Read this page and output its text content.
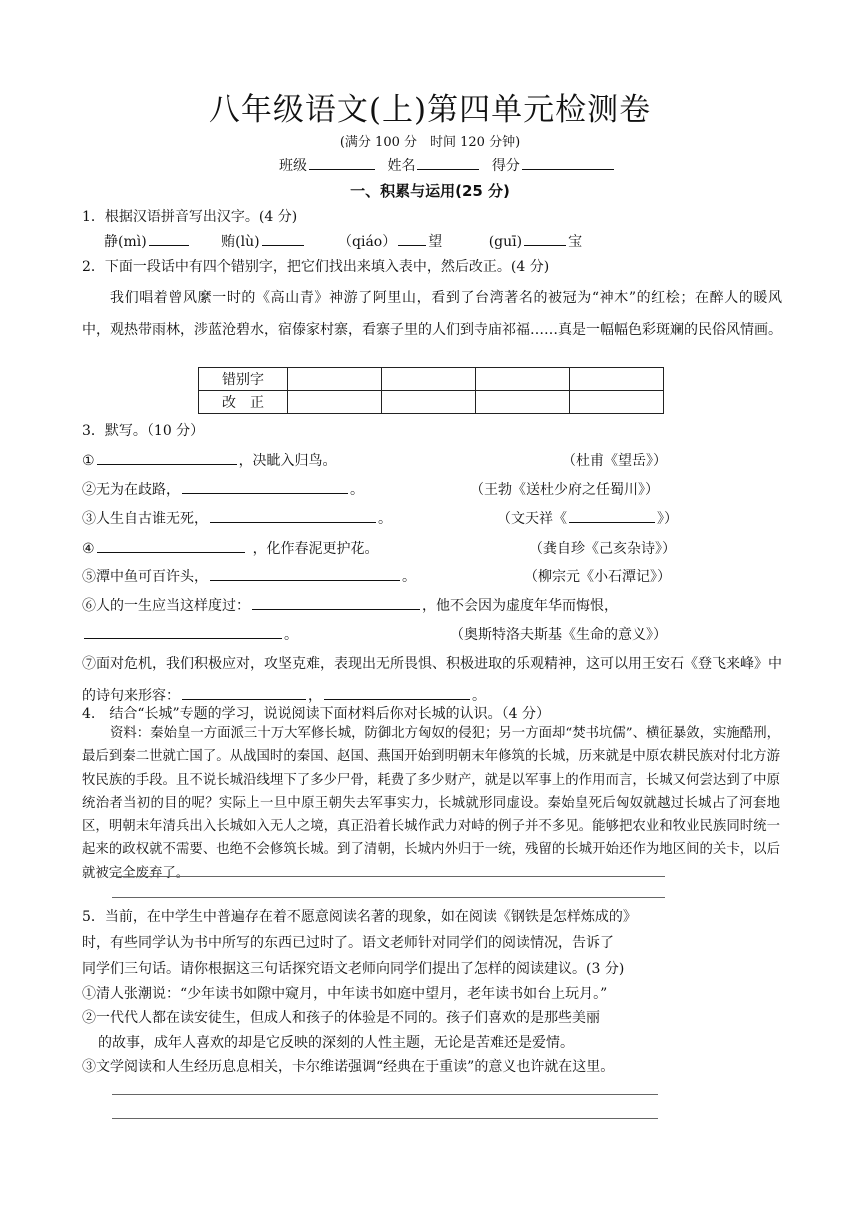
八年级语文(上)第四单元检测卷
(满分 100 分　时间 120 分钟)
班级	姓名	得分
一、积累与运用(25 分)
1．根据汉语拼音写出汉字。(4 分)
静(mì)	贿(lù)	（qiáo） 望	(guī)	宝
2．下面一段话中有四个错别字，把它们找出来填入表中，然后改正。(4 分)
我们唱着曾风縻一时的《高山青》神游了阿里山，看到了台湾著名的被冠为“神木”的红桧；在醉人的暖风中，观热带雨林，涉蓝沧碧水，宿傣家村寨，看寨子里的人们到寺庙祁福……真是一幅幅色彩斑斓的民俗风情画。
错别字				
改　正				
3．默写。（10 分）
①	，决眦入归鸟。	（杜甫《望岳》）
②无为在歧路，	。	（王勃《送杜少府之任蜀川》）
③人生自古谁无死，	。	（文天祥《	》）
④	，化作春泥更护花。	（龚自珍《己亥杂诗》）
⑤潭中鱼可百许头，	。	（柳宗元《小石潭记》）
⑥人的一生应当这样度过：	，他不会因为虚度年华而悔恨，
。	（奥斯特洛夫斯基《生命的意义》）
⑦面对危机，我们积极应对，攻坚克难，表现出无所畏惧、积极进取的乐观精神，这可以用王安石《登飞来峰》中的诗句来形容：	，	。
4.　结合“长城”专题的学习，说说阅读下面材料后你对长城的认识。（4 分）
资料：秦始皇一方面派三十万大军修长城，防御北方匈奴的侵犯；另一方面却“焚书坑儒”、横征暴敛，实施酷刑，最后到秦二世就亡国了。从战国时的秦国、赵国、燕国开始到明朝末年修筑的长城，历来就是中原农耕民族对付北方游牧民族的手段。且不说长城沿线埋下了多少尸骨，耗费了多少财产，就是以军事上的作用而言，长城又何尝达到了中原统治者当初的目的呢？实际上一旦中原王朝失去军事实力，长城就形同虚设。秦始皇死后匈奴就越过长城占了河套地区，明朝末年清兵出入长城如入无人之境，真正沿着长城作武力对峙的例子并不多见。能够把农业和牧业民族同时统一起来的政权就不需要、也绝不会修筑长城。到了清朝，长城内外归于一统，残留的长城开始还作为地区间的关卡，以后就被完全废弃了。
5．当前，在中学生中普遍存在着不愿意阅读名著的现象，如在阅读《钢铁是怎样炼成的》
时，有些同学认为书中所写的东西已过时了。语文老师针对同学们的阅读情况，告诉了
同学们三句话。请你根据这三句话探究语文老师向同学们提出了怎样的阅读建议。(3 分)
①清人张潮说：“少年读书如隙中窥月，中年读书如庭中望月，老年读书如台上玩月。”
②一代代人都在读安徒生，但成人和孩子的体验是不同的。孩子们喜欢的是那些美丽
的故事，成年人喜欢的却是它反映的深刻的人性主题，无论是苦难还是爱情。
③文学阅读和人生经历息息相关，卡尔维诺强调“经典在于重读”的意义也许就在这里。
